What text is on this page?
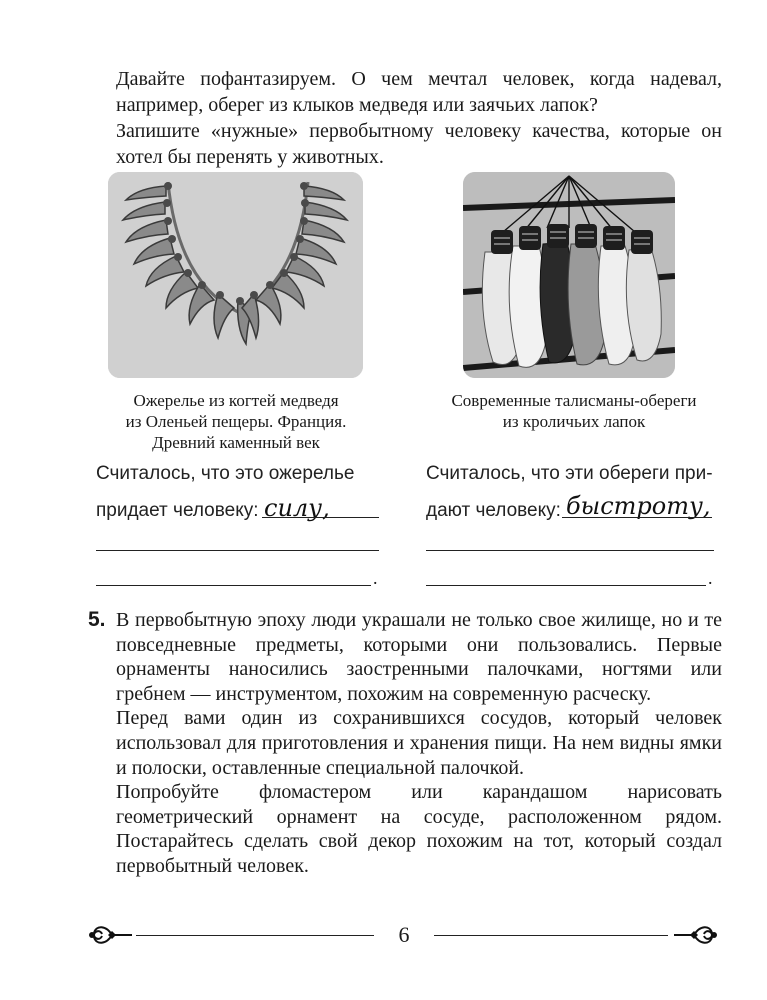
Давайте пофантазируем. О чем мечтал человек, когда надевал, например, оберег из клыков медведя или заячьих лапок?

Запишите «нужные» первобытному человеку качества, которые он хотел бы перенять у животных.

Ожерелье из когтей медведя
из Оленьей пещеры. Франция.
Древний каменный век
Современные талисманы-обереги
из кроличьих лапок
Считалось, что это ожерелье
придает человеку: силу,
.
Считалось, что эти обереги при-
дают человеку: быстроту,
.
5. В первобытную эпоху люди украшали не только свое жилище, но и те повседневные предметы, которыми они пользовались. Первые орнаменты наносились заостренными палочками, ногтями или гребнем — инструментом, похожим на современную расческу.

Перед вами один из сохранившихся сосудов, который человек использовал для приготовления и хранения пищи. На нем видны ямки и полоски, оставленные специальной палочкой.

Попробуйте фломастером или карандашом нарисовать геометрический орнамент на сосуде, расположенном рядом. Постарайтесь сделать свой декор похожим на тот, который создал первобытный человек.

6
